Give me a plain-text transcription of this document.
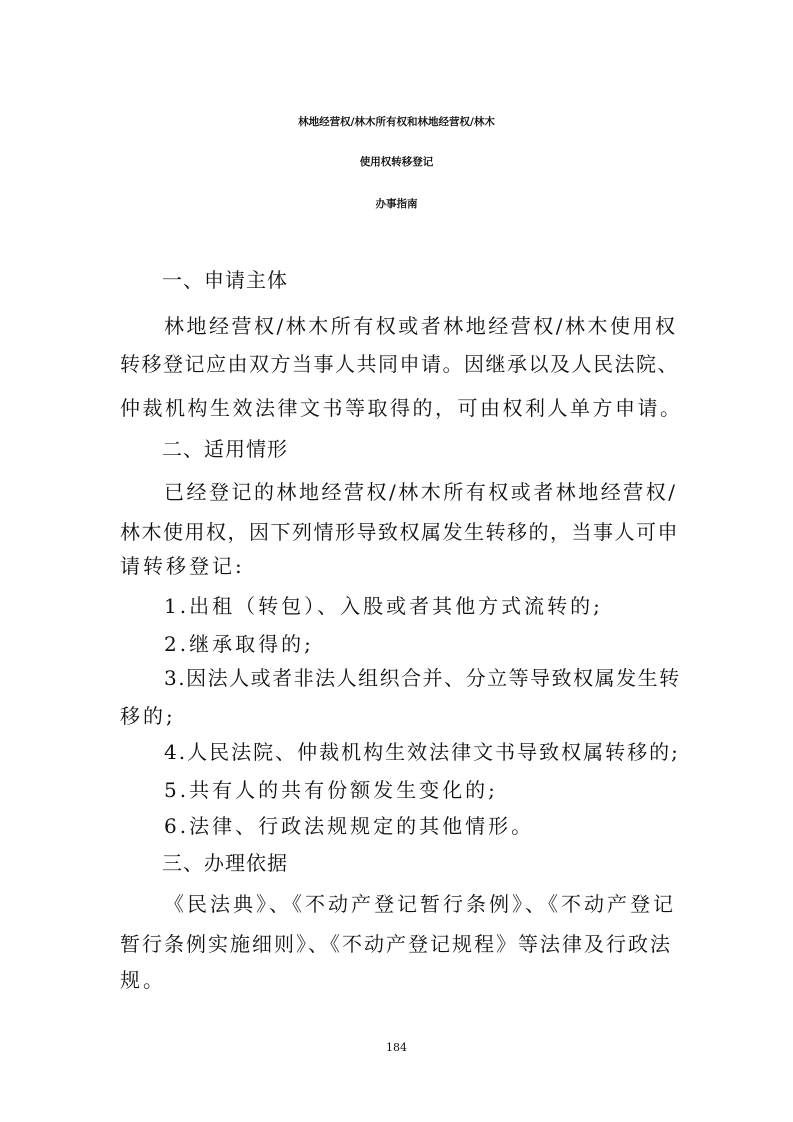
林地经营权/林木所有权和林地经营权/林木
使用权转移登记
办事指南
一、申请主体
林地经营权/林木所有权或者林地经营权/林木使用权
转移登记应由双方当事人共同申请。因继承以及人民法院、
仲裁机构生效法律文书等取得的，可由权利人单方申请。
二、适用情形
已经登记的林地经营权/林木所有权或者林地经营权/
林木使用权，因下列情形导致权属发生转移的，当事人可申
请转移登记:
1.出租（转包）、入股或者其他方式流转的;
2.继承取得的;
3.因法人或者非法人组织合并、分立等导致权属发生转
移的;
4.人民法院、仲裁机构生效法律文书导致权属转移的;
5.共有人的共有份额发生变化的;
6.法律、行政法规规定的其他情形。
三、办理依据
《民法典》、《不动产登记暂行条例》、《不动产登记
暂行条例实施细则》、《不动产登记规程》等法律及行政法
规。
184
